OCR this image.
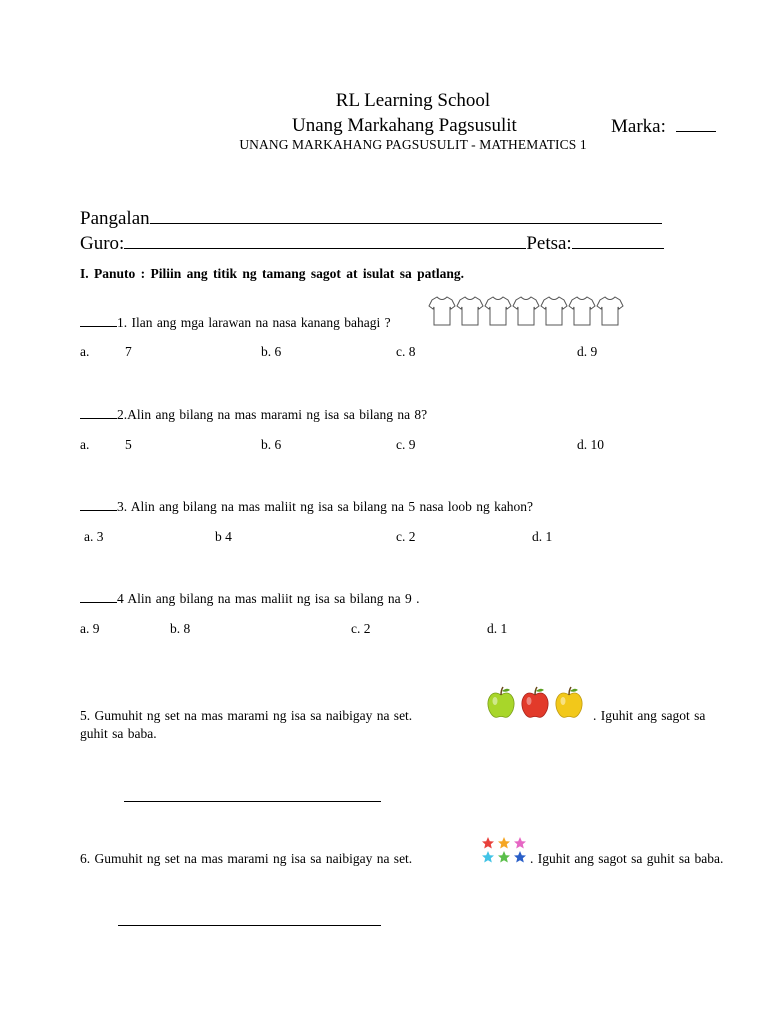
RL Learning School
Unang Markahang Pagsusulit	Marka:
UNANG MARKAHANG PAGSUSULIT - MATHEMATICS 1
Pangalan
Guro:	Petsa:
I. Panuto : Piliin ang titik ng tamang sagot at isulat sa patlang.
1. Ilan ang mga larawan na nasa kanang bahagi ?
a.	7	b. 6	c. 8	d. 9
2.Alin ang bilang na mas marami ng isa sa bilang na 8?
a.	5	b. 6	c. 9	d. 10
3. Alin ang bilang na mas maliit ng isa sa bilang na 5 nasa loob ng kahon?
a. 3	b 4	c. 2	d. 1
4 Alin ang bilang na mas maliit ng isa sa bilang na 9 .
a. 9	b. 8	c. 2	d. 1
5. Gumuhit ng set na mas marami ng isa sa naibigay na set.	. Iguhit ang sagot sa
guhit sa baba.
6. Gumuhit ng set na mas marami ng isa sa naibigay na set.	. Iguhit ang sagot sa guhit sa baba.
